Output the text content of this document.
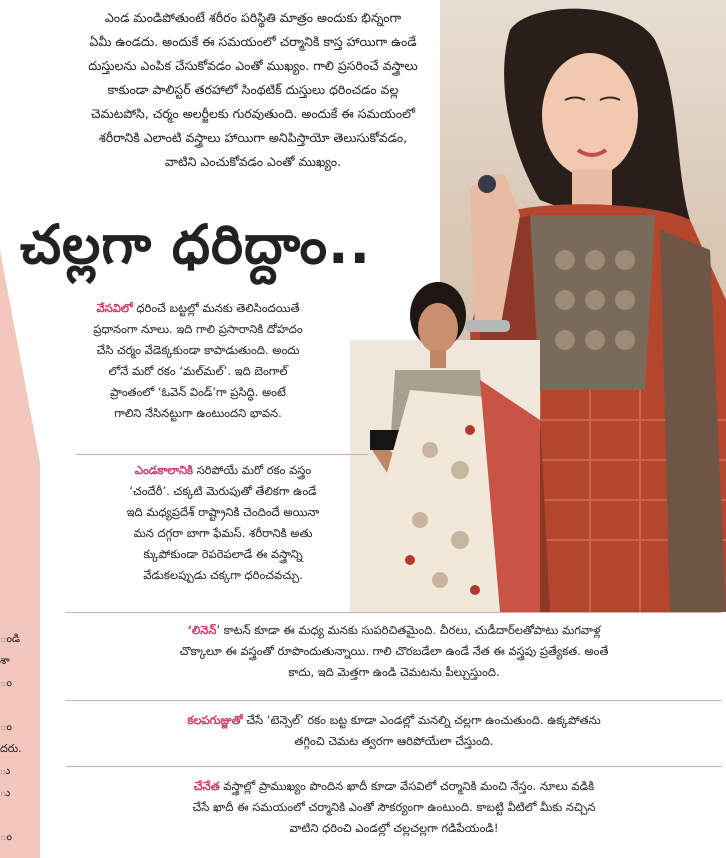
ండి
శా
ం
ం
దరు.
ు
ు
ం
ఎండ మండిపోతుంటే శరీరం పరిస్థితి మాత్రం అందుకు భిన్నంగా
ఏమీ ఉండదు. అందుకే ఈ సమయంలో చర్మానికి కాస్త హాయిగా ఉండే
దుస్తులను ఎంపిక చేసుకోవడం ఎంతో ముఖ్యం. గాలి ప్రసరించే వస్త్రాలు
కాకుండా పాలిస్టర్ తరహాలో సింథటిక్ దుస్తులు ధరించడం వల్ల
చెమటపోసి, చర్మం అలర్జీలకు గురవుతుంది. అందుకే ఈ సమయంలో
శరీరానికి ఎలాంటి వస్త్రాలు హాయిగా అనిపిస్తాయో తెలుసుకోవడం,
వాటిని ఎంచుకోవడం ఎంతో ముఖ్యం.
చల్లగా ధరిద్దాం..
వేసవిలో ధరించే బట్టల్లో మనకు తెలిసిందయితే
ప్రధానంగా నూలు. ఇది గాలి ప్రసారానికి దోహదం
చేసి చర్మం వేడెక్కకుండా కాపాడుతుంది. అందు
లోనే మరో రకం ‘మల్‌మల్’. ఇది బెంగాల్
ప్రాంతంలో ‘ఓవెన్ విండ్’గా ప్రసిద్ధి. అంటే
గాలిని నేసినట్టుగా ఉంటుందని భావన.
ఎండకాలానికి సరిపోయే మరో రకం వస్త్రం
‘చందేరీ’. చక్కటి మెరుపుతో తేలికగా ఉండే
ఇది మధ్యప్రదేశ్ రాష్ట్రానికి చెందిందే అయినా
మన దగ్గరా బాగా ఫేమస్. శరీరానికి అతు
క్కుపోకుండా రెపరెపలాడే ఈ వస్త్రాన్ని
వేడుకలప్పుడు చక్కగా ధరించవచ్చు.
‘లినెన్’ కాటన్ కూడా ఈ మధ్య మనకు సుపరిచితమైంది. చీరలు, చుడీదార్‌లతోపాటు మగవాళ్ల
చొక్కాలూ ఈ వస్త్రంతో రూపొందుతున్నాయి. గాలి చొరబడేలా ఉండే నేత ఈ వస్త్రపు ప్రత్యేకత. అంతే
కాదు, ఇది మెత్తగా ఉండి చెమటను పీల్చుస్తుంది.
కలపగుజ్జుతో చేసే ‘టెన్సెల్’ రకం బట్ట కూడా ఎండల్లో మనల్ని చల్లగా ఉంచుతుంది. ఉక్కపోతను
తగ్గించి చెమట త్వరగా ఆరిపోయేలా చేస్తుంది.
చేనేత వస్త్రాల్లో ప్రాముఖ్యం పొందిన ఖాదీ కూడా వేసవిలో చర్మానికి మంచి నేస్తం. నూలు వడికి
చేసే ఖాదీ ఈ సమయంలో చర్మానికి ఎంతో సౌకర్యంగా ఉంటుంది. కాబట్టి వీటిలో మీకు నచ్చిన
వాటిని ధరించి ఎండల్లో చల్లచల్లగా గడిపేయండి!
